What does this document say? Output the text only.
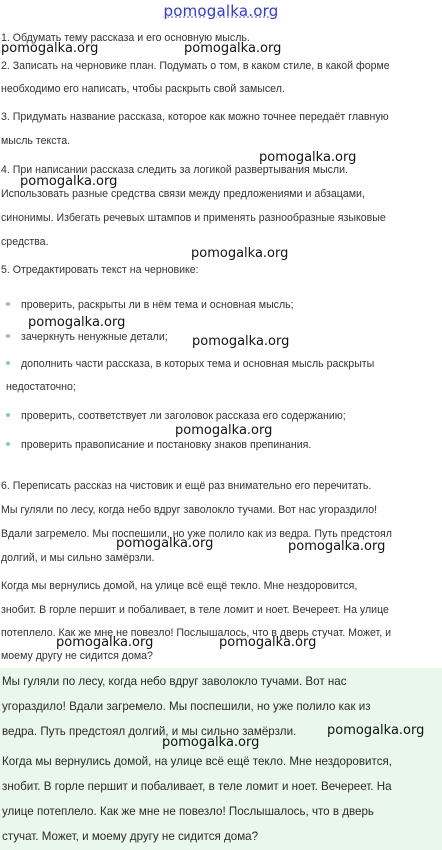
pomogalka.org
1. Обдумать тему рассказа и его основную мысль.
2. Записать на черновике план. Подумать о том, в каком стиле, в какой форме
необходимо его написать, чтобы раскрыть свой замысел.
3. Придумать название рассказа, которое как можно точнее передаёт главную
мысль текста.
4. При написании рассказа следить за логикой развертывания мысли.
Использовать разные средства связи между предложениями и абзацами,
синонимы. Избегать речевых штампов и применять разнообразные языковые
средства.
5. Отредактировать текст на черновике:
проверить, раскрыты ли в нём тема и основная мысль;
зачеркнуть ненужные детали;
дополнить части рассказа, в которых тема и основная мысль раскрыты
недостаточно;
проверить, соответствует ли заголовок рассказа его содержанию;
проверить правописание и постановку знаков препинания.
6. Переписать рассказ на чистовик и ещё раз внимательно его перечитать.
Мы гуляли по лесу, когда небо вдруг заволокло тучами. Вот нас угораздило!
Вдали загремело. Мы поспешили, но уже полило как из ведра. Путь предстоял
долгий, и мы сильно замёрзли.
Когда мы вернулись домой, на улице всё ещё текло. Мне нездоровится,
знобит. В горле першит и побаливает, в теле ломит и ноет. Вечереет. На улице
потеплело. Как же мне не повезло! Послышалось, что в дверь стучат. Может, и
моему другу не сидится дома?
Мы гуляли по лесу, когда небо вдруг заволокло тучами. Вот нас
угораздило! Вдали загремело. Мы поспешили, но уже полило как из
ведра. Путь предстоял долгий, и мы сильно замёрзли.
Когда мы вернулись домой, на улице всё ещё текло. Мне нездоровится,
знобит. В горле першит и побаливает, в теле ломит и ноет. Вечереет. На
улице потеплело. Как же мне не повезло! Послышалось, что в дверь
стучат. Может, и моему другу не сидится дома?
pomogalka.org	pomogalka.org
pomogalka.org
pomogalka.org
pomogalka.org
pomogalka.org
pomogalka.org
pomogalka.org
pomogalka.org	pomogalka.org
pomogalka.org	pomogalka.org
pomogalka.org
pomogalka.org
